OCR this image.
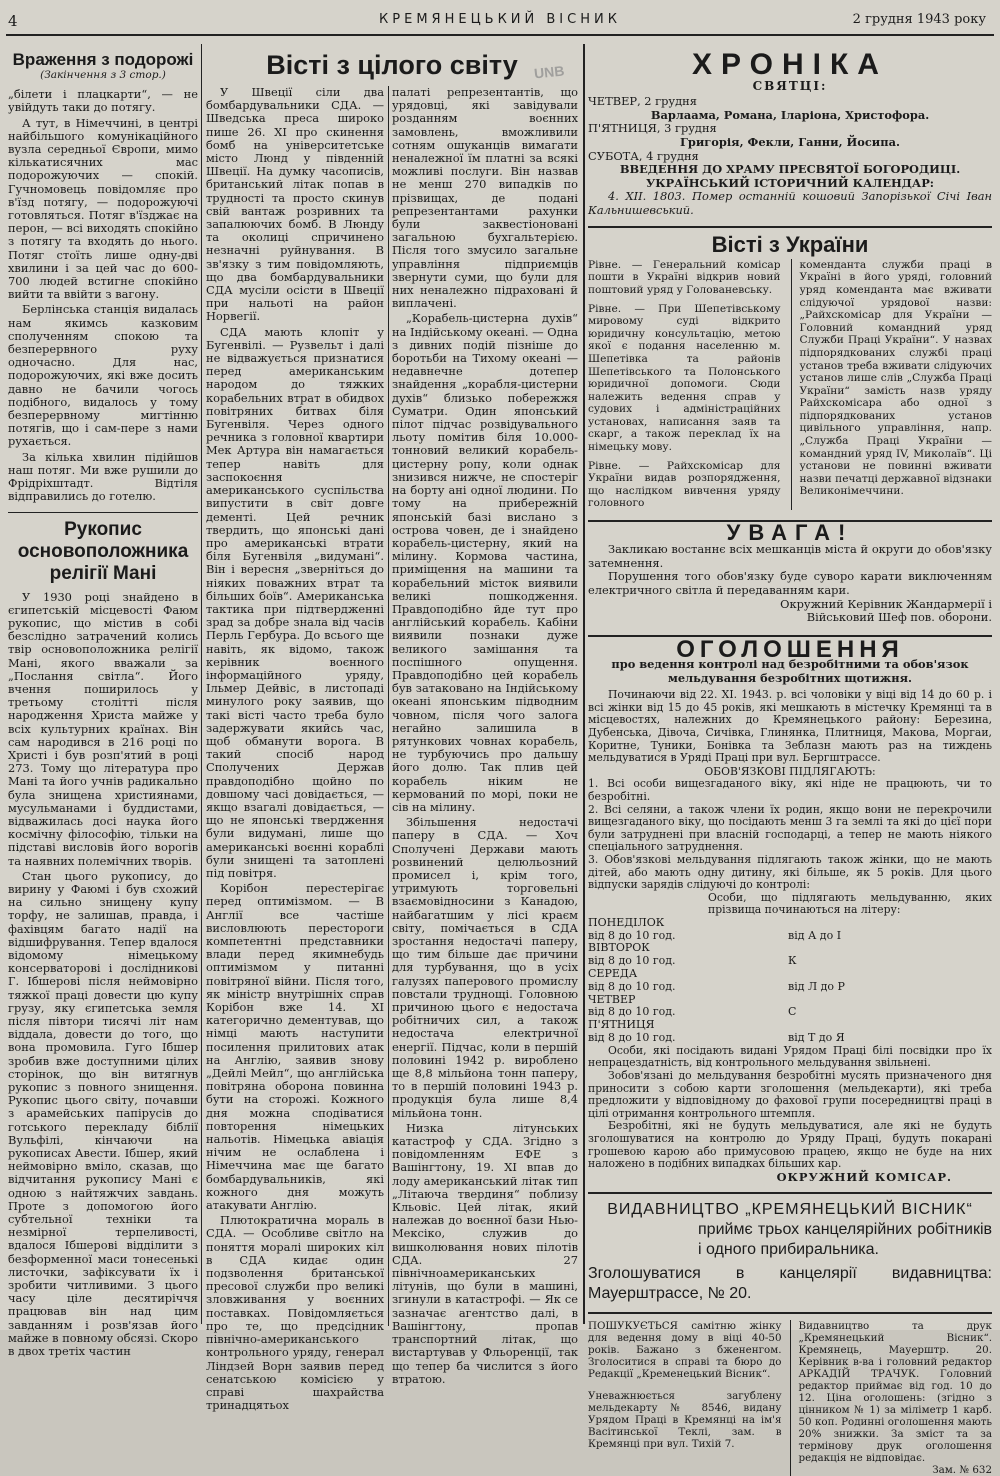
4	КРЕМЯНЕЦЬКИЙ ВІСНИК	2 грудня 1943 року
Враження з подорожі
(Закінчення з 3 стор.)

„білети і плацкарти“, — не увійдуть таки до потягу.

А тут, в Німеччині, в центрі найбільшого комунікаційного вузла середньої Європи, мимо кількатисячних мас подорожуючих — спокій. Гучномовець повідомляє про в'їзд потягу, — подорожуючі готовляться. Потяг в'їзджає на перон, — всі виходять спокійно з потягу та входять до нього. Потяг стоїть лише одну-дві хвилини і за цей час до 600-700 людей встигне спокійно вийти та ввійти з вагону.

Берлінська станція видалась нам якимсь казковим сполученням спокою та безперервного руху одночасно. Для нас, подорожуючих, які вже досить давно не бачили чогось подібного, видалось у тому безперервному мигтінню потягів, що і сам-пере з нами рухається.

За кілька хвилин підійшов наш потяг. Ми вже рушили до Фрідріхштадт. Відтіля відправились до готелю.

Рукопис основоположника релігії Мані

У 1930 році знайдено в єгипетській місцевості Фаюм рукопис, що містив в собі безслідно затрачений колись твір основоположника релігії Мані, якого вважали за „Послання світла“. Його вчення поширилось у третьому столітті після народження Христа майже у всіх культурних країнах. Він сам народився в 216 році по Христі і був розп'ятий в році 273. Тому що література про Мані та його учнів радикально була знищена християнами, мусульманами і буддистами, відважилась досі наука його космічну філософію, тільки на підставі висловів його ворогів та наявних полемічних творів.

Стан цього рукопису, до вирину у Фаюмі і був схожий на сильно знищену купу торфу, не залишав, правда, і фахівцям багато надії на відшифрування. Тепер вдалося відомому німецькому консерваторові і дослідникові Г. Ібшерові після неймовірно тяжкої праці довести цю купу грузу, яку єгипетська земля після півтори тисячі літ нам віддала, довести до того, що вона промовила. Гуго Ібшер зробив вже доступними цілих сторінок, що він витягнув рукопис з повного знищення. Рукопис цього світу, почавши з арамейських папірусів до готського перекладу біблії Вульфілі, кінчаючи на рукописах Авести. Ібшер, який неймовірно вміло, сказав, що відчитання рукопису Мані є одною з найтяжчих завдань. Проте з допомогою його субтельної техніки та незмірної терпеливості, вдалося Ібшерові відділити з безформенної маси тонесенькі листочки, зафіксувати їх і зробити читливими. З цього часу ціле десятиріччя працював він над цим завданням і розв'язав його майже в повному обсязі. Скоро в двох третіх частин

Вісті з цілого світу	UNB

У Швеції сіли два бомбардувальники СДА. — Шведська преса широко пише 26. XI про скинення бомб на університетське місто Люнд у південній Швеції. На думку часописів, британський літак попав в трудності та просто скинув свій вантаж розривних та запалюючих бомб. В Люнду та околиці спричинено незначні руйнування. В зв'язку з тим повідомляють, що два бомбардувальники СДА мусіли осісти в Швеції при нальоті на район Норвегії.

СДА мають клопіт у Бугенвілі. — Рузвельт і далі не відважується признатися перед американським народом до тяжких корабельних втрат в обидвох повітряних битвах біля Бугенвіля. Через одного речника з головної квартири Мек Артура він намагається тепер навіть для заспокоєння американського суспільства випустити в світ довге дементі. Цей речник твердить, що японські дані про американські втрати біля Бугенвіля „видумані“. Він і вересня „зверніться до ніяких поважних втрат та більших боїв“. Американська тактика при підтвердженні зрад за добре знала від часів Перль Гербура. До всього ще навіть, як відомо, також керівник воєнного інформаційного уряду, Ільмер Дейвіс, в листопаді минулого року заявив, що такі вісті часто треба було задержувати якийсь час, щоб обманути ворога. В такий спосіб народ Сполучених Держав правдоподібно щойно по довшому часі довідається, — якщо взагалі довідається, — що не японські твердження були видумані, лише що американські воєнні кораблі були знищені та затоплені під повітря.

Корібон перестерігає перед оптимізмом. — В Англії все частіше висловлюють перестороги компетентні представники влади перед якимнебудь оптимізмом у питанні повітряної війни. Після того, як міністр внутрішніх справ Корібон вже 14. XI категорично дементував, що німці мають наступити посилення прилитових атак на Англію, заявив знову „Дейлі Мейл“, що англійська повітряна оборона повинна бути на сторожі. Кожного дня можна сподіватися повторення німецьких нальотів. Німецька авіація нічим не ослаблена і Німеччина має ще багато бомбардувальників, які кожного дня можуть атакувати Англію.

Плютократична мораль в СДА. — Особливе світло на поняття моралі широких кіл в СДА кидає один подзволення британської пресової служби про великі зловживання у воєнних поставках. Повідомляється про те, що предсідник північно-американського контрольного уряду, генерал Ліндзей Ворн заявив перед сенатською комісією у справі шахрайства тринадцятьох

палаті репрезентантів, що урядовці, які завідували розданням воєнних замовлень, вможливили сотням ошуканців вимагати неналежної їм платні за всякі можливі послуги. Він назвав не менш 270 випадків по прізвищах, де подані репрезентантами рахунки були заквестіоновані загальною бухгальтерією. Після того змусило загальне управління підприємців звернути суми, що були для них неналежно підраховані й виплачені.

„Корабель-цистерна духів“ на Індійському океані. — Одна з дивних подій пізніше до боротьби на Тихому океані — недавнечне дотепер знайдення „корабля-цистерни духів“ близько побережжя Суматри. Один японський пілот підчас розвідувального льоту помітив біля 10.000-тонновий великий корабель-цистерну ропу, коли однак знизився нижче, не спостеріг на борту ані одної людини. По тому на прибережній японській базі висланo з острова човен, де і знайдено корабель-цистерну, який на мілину. Кормова частина, приміщення на машини та корабельний місток виявили великі пошкодження. Правдоподібно йде тут про англійський корабель. Кабіни виявили познаки дуже великого замішання та поспішного опущення. Правдоподібно цей корабель був затаковано на Індійському океані японським підводним човном, після чого залога негайно залишила в рятункових човнах корабель, не турбуючись про дальшу його долю. Так плив цей корабель ніким не кермований по морі, поки не сів на мілину.

Збільшення недостачі паперу в СДА. — Хоч Сполучені Держави мають розвинений целюльозний промисел і, крім того, утримують торговельні взаємовідносини з Канадою, найбагатшим у лісі краєм світу, помічається в СДА зростання недостачі паперу, що тим більше дає причини для турбування, що в усіх галузях паперового промислу повстали труднощі. Головною причиною цього є недостача робітничих сил, а також недостача електричної енергії. Підчас, коли в першій половині 1942 р. вироблено ще 8,8 мільйона тонн паперу, то в першій половині 1943 р. продукція була лише 8,4 мільйона тонн.

Низка літунських катастроф у СДА. Згідно з повідомленням ЕФЕ з Вашінгтону, 19. XI впав до лоду американський літак тип „Літаюча твердиня“ поблизу Кльовіс. Цей літак, який належав до воєнної бази Нью-Мексіко, служив до вишколювання нових пілотів СДА. 27 північноамериканських літунів, що були в машині, згинули в катастрофі. — Як се зазначає агентство далі, в Вашінгтону, пропав транспортний літак, що вистартував у Фльоренції, так що тепер ба числится з його втратою.

ХРОНІКА
СВЯТЦІ:
ЧЕТВЕР, 2 грудня
Варлаама, Романа, Іларіона, Христофора.
П'ЯТНИЦЯ, 3 грудня
Григорія, Фекли, Ганни, Йосипа.
СУБОТА, 4 грудня
ВВЕДЕННЯ ДО ХРАМУ ПРЕСВЯТОЇ БОГОРОДИЦІ.
УКРАЇНСЬКИЙ ІСТОРИЧНИЙ КАЛЕНДАР:
4. XII. 1803. Помер останній кошовий Запорізької Січі Іван Кальнишевський.
Вісті з України

Рівне. — Генеральний комісар пошти в Україні відкрив новий поштовий уряд у Голованевську.

Рівне. — При Шепетівському мировому суді відкрито юридичну консультацію, метою якої є подання населенню м. Шепетівка та районів Шепетівського та Полонського юридичної допомоги. Сюди належить ведення справ у судових і адміністраційних установах, написання заяв та скарг, а також переклад їх на німецьку мову.

Рівне. — Райхскомісар для України видав розпорядження, що наслідком вивчення уряду головного

комендантa служби праці в Україні в його уряді, головний уряд коменданта має вживати слідуючої урядової назви: „Райхскомісар для України — Головний командний уряд Служби Праці України“. У назвах підпорядкованих службі праці установ треба вживати слідуючих установ лише слів „Служба Праці України“ замість назв уряду Райхскомісара або одної з підпорядкованих установ цивільного управління, напр. „Служба Праці України — командний уряд IV, Миколаїв“. Ці установи не повинні вживати назви печатці державної відзнаки Великонімеччини.

УВАГА!
Закликаю востаннє всіх мешканців міста й округи до обов'язку затемнення.
Порушення того обов'язку буде суворо карати виключенням електричного світла й передаванням кари.
Окружний Керівник Жандармерії і Військовий Шеф пов. оборони.
ОГОЛОШЕННЯ
про ведення контролі над безробітними та обов'язок мельдування безробітних щотижня.
Починаючи від 22. XI. 1943. р. всі чоловіки у віці від 14 до 60 р. і всі жінки від 15 до 45 років, які мешкають в містечку Кремянці та в місцевостях, належних до Кремянецького району: Березина, Дубенська, Дівоча, Сичівка, Глинянка, Плитниця, Макова, Моргаи, Коритне, Туники, Бонівка та Зеблазн мають раз на тиждень мельдуватися в Уряді Праці при вул. Бергштрассе.
ОБОВ'ЯЗКОВІ ПІДЛЯГАЮТЬ:
1. Всі особи вищезгаданого віку, які ніде не працюють, чи то безробітні.
2. Всі селяни, а також члени їх родин, якщо вони не перекрочили вищезгаданого віку, що посідають менш 3 га землі та які до цієї пори були затруднені при власній господарці, а тепер не мають ніякого спеціального затруднення.
3. Обов'язкові мельдування підлягають також жінки, що не мають дітей, або мають одну дитину, які більше, як 5 років. Для цього відпуски зарядів слідуючі до контролі:
Особи, що підлягають мельдуванню, яких прізвища починаються на літеру:
ПОНЕДІЛОК
від 8 до 10 год.	від А до І
ВІВТОРОК
від 8 до 10 год.	К
СЕРЕДА
від 8 до 10 год.	від Л до Р
ЧЕТВЕР
від 8 до 10 год.	С
П'ЯТНИЦЯ
від 8 до 10 год.	від Т до Я
Особи, які посідають видані Урядом Праці білі посвідки про їх непрацездатність, від контрольного мельдування звільнені.
Зобов'язані до мельдування безробітні мусять призначеного дня приносити з собою карти зголошення (мельдекарти), які треба предложити у відповідному до фахової групи посередництві праці в цілі отримання контрольного штемпля.
Безробітні, які не будуть мельдуватися, але які не будуть зголошуватися на контролю до Уряду Праці, будуть покарані грошевою карою або примусовою працею, якщо не буде на них наложено в подібних випадках більших кар.
ОКРУЖНИЙ КОМІСАР.
ВИДАВНИЦТВО „КРЕМЯНЕЦЬКИЙ ВІСНИК“
приймє трьох канцелярійних робітників і одного прибиральника.
Зголошуватися в канцелярії видавництва: Мауерштрассе, № 20.

ПОШУКУЄТЬСЯ самітню жінку для ведення дому в віці 40-50 років. Бажано з бжененгом. Зголоситися в справі та бюро до Редакції „Кременецький Вісник“.

Уневажнюється загублену мельдекарту № 8546, видану Урядом Праці в Кремянці на ім'я Васітинської Теклі, зам. в Кремянці при вул. Тихій 7.

Видавництво та друк „Кремянецький Вісник“. Кремянець, Мауерштр. 20. Керівник в-ва і головний редактор АРКАДІЙ ТРАЧУК. Головний редактор приймає від год. 10 до 12. Ціна оголошень: (згідно з цінником № 1) за міліметр 1 карб. 50 коп. Родинні оголошення мають 20% знижки. За зміст та за термінову друк оголошення редакція не відповідає.

Зам. № 632
